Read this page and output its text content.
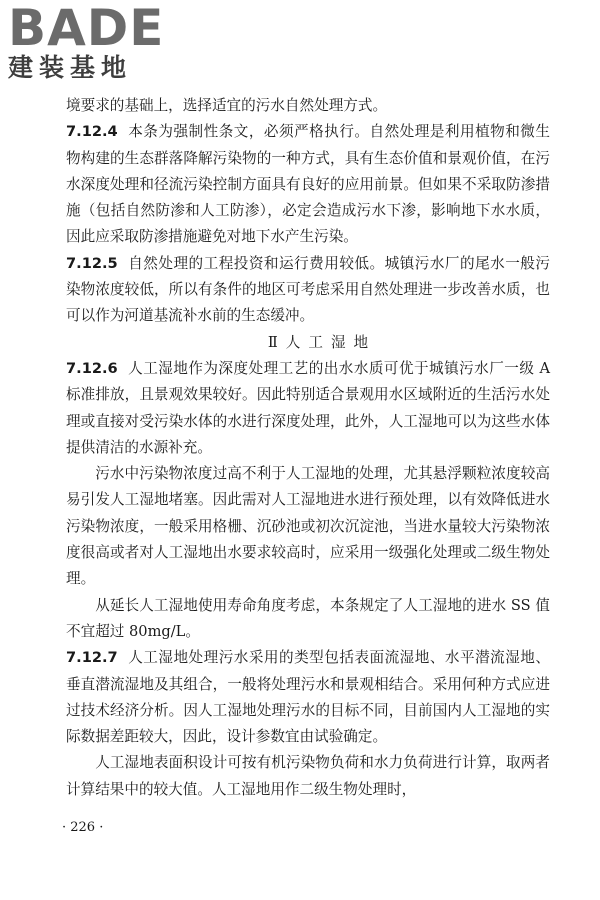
BADE
建装基地

境要求的基础上，选择适宜的污水自然处理方式。

7.12.4 本条为强制性条文，必须严格执行。自然处理是利用植物和微生物构建的生态群落降解污染物的一种方式，具有生态价值和景观价值，在污水深度处理和径流污染控制方面具有良好的应用前景。但如果不采取防渗措施（包括自然防渗和人工防渗），必定会造成污水下渗，影响地下水水质，因此应采取防渗措施避免对地下水产生污染。

7.12.5 自然处理的工程投资和运行费用较低。城镇污水厂的尾水一般污染物浓度较低，所以有条件的地区可考虑采用自然处理进一步改善水质，也可以作为河道基流补水前的生态缓冲。

Ⅱ 人工湿地

7.12.6 人工湿地作为深度处理工艺的出水水质可优于城镇污水厂一级 A 标准排放，且景观效果较好。因此特别适合景观用水区域附近的生活污水处理或直接对受污染水体的水进行深度处理，此外，人工湿地可以为这些水体提供清洁的水源补充。

污水中污染物浓度过高不利于人工湿地的处理，尤其悬浮颗粒浓度较高易引发人工湿地堵塞。因此需对人工湿地进水进行预处理，以有效降低进水污染物浓度，一般采用格栅、沉砂池或初次沉淀池，当进水量较大污染物浓度很高或者对人工湿地出水要求较高时，应采用一级强化处理或二级生物处理。

从延长人工湿地使用寿命角度考虑，本条规定了人工湿地的进水 SS 值不宜超过 80mg/L。

7.12.7 人工湿地处理污水采用的类型包括表面流湿地、水平潜流湿地、垂直潜流湿地及其组合，一般将处理污水和景观相结合。采用何种方式应进过技术经济分析。因人工湿地处理污水的目标不同，目前国内人工湿地的实际数据差距较大，因此，设计参数宜由试验确定。

人工湿地表面积设计可按有机污染物负荷和水力负荷进行计算，取两者计算结果中的较大值。人工湿地用作二级生物处理时，

· 226 ·
